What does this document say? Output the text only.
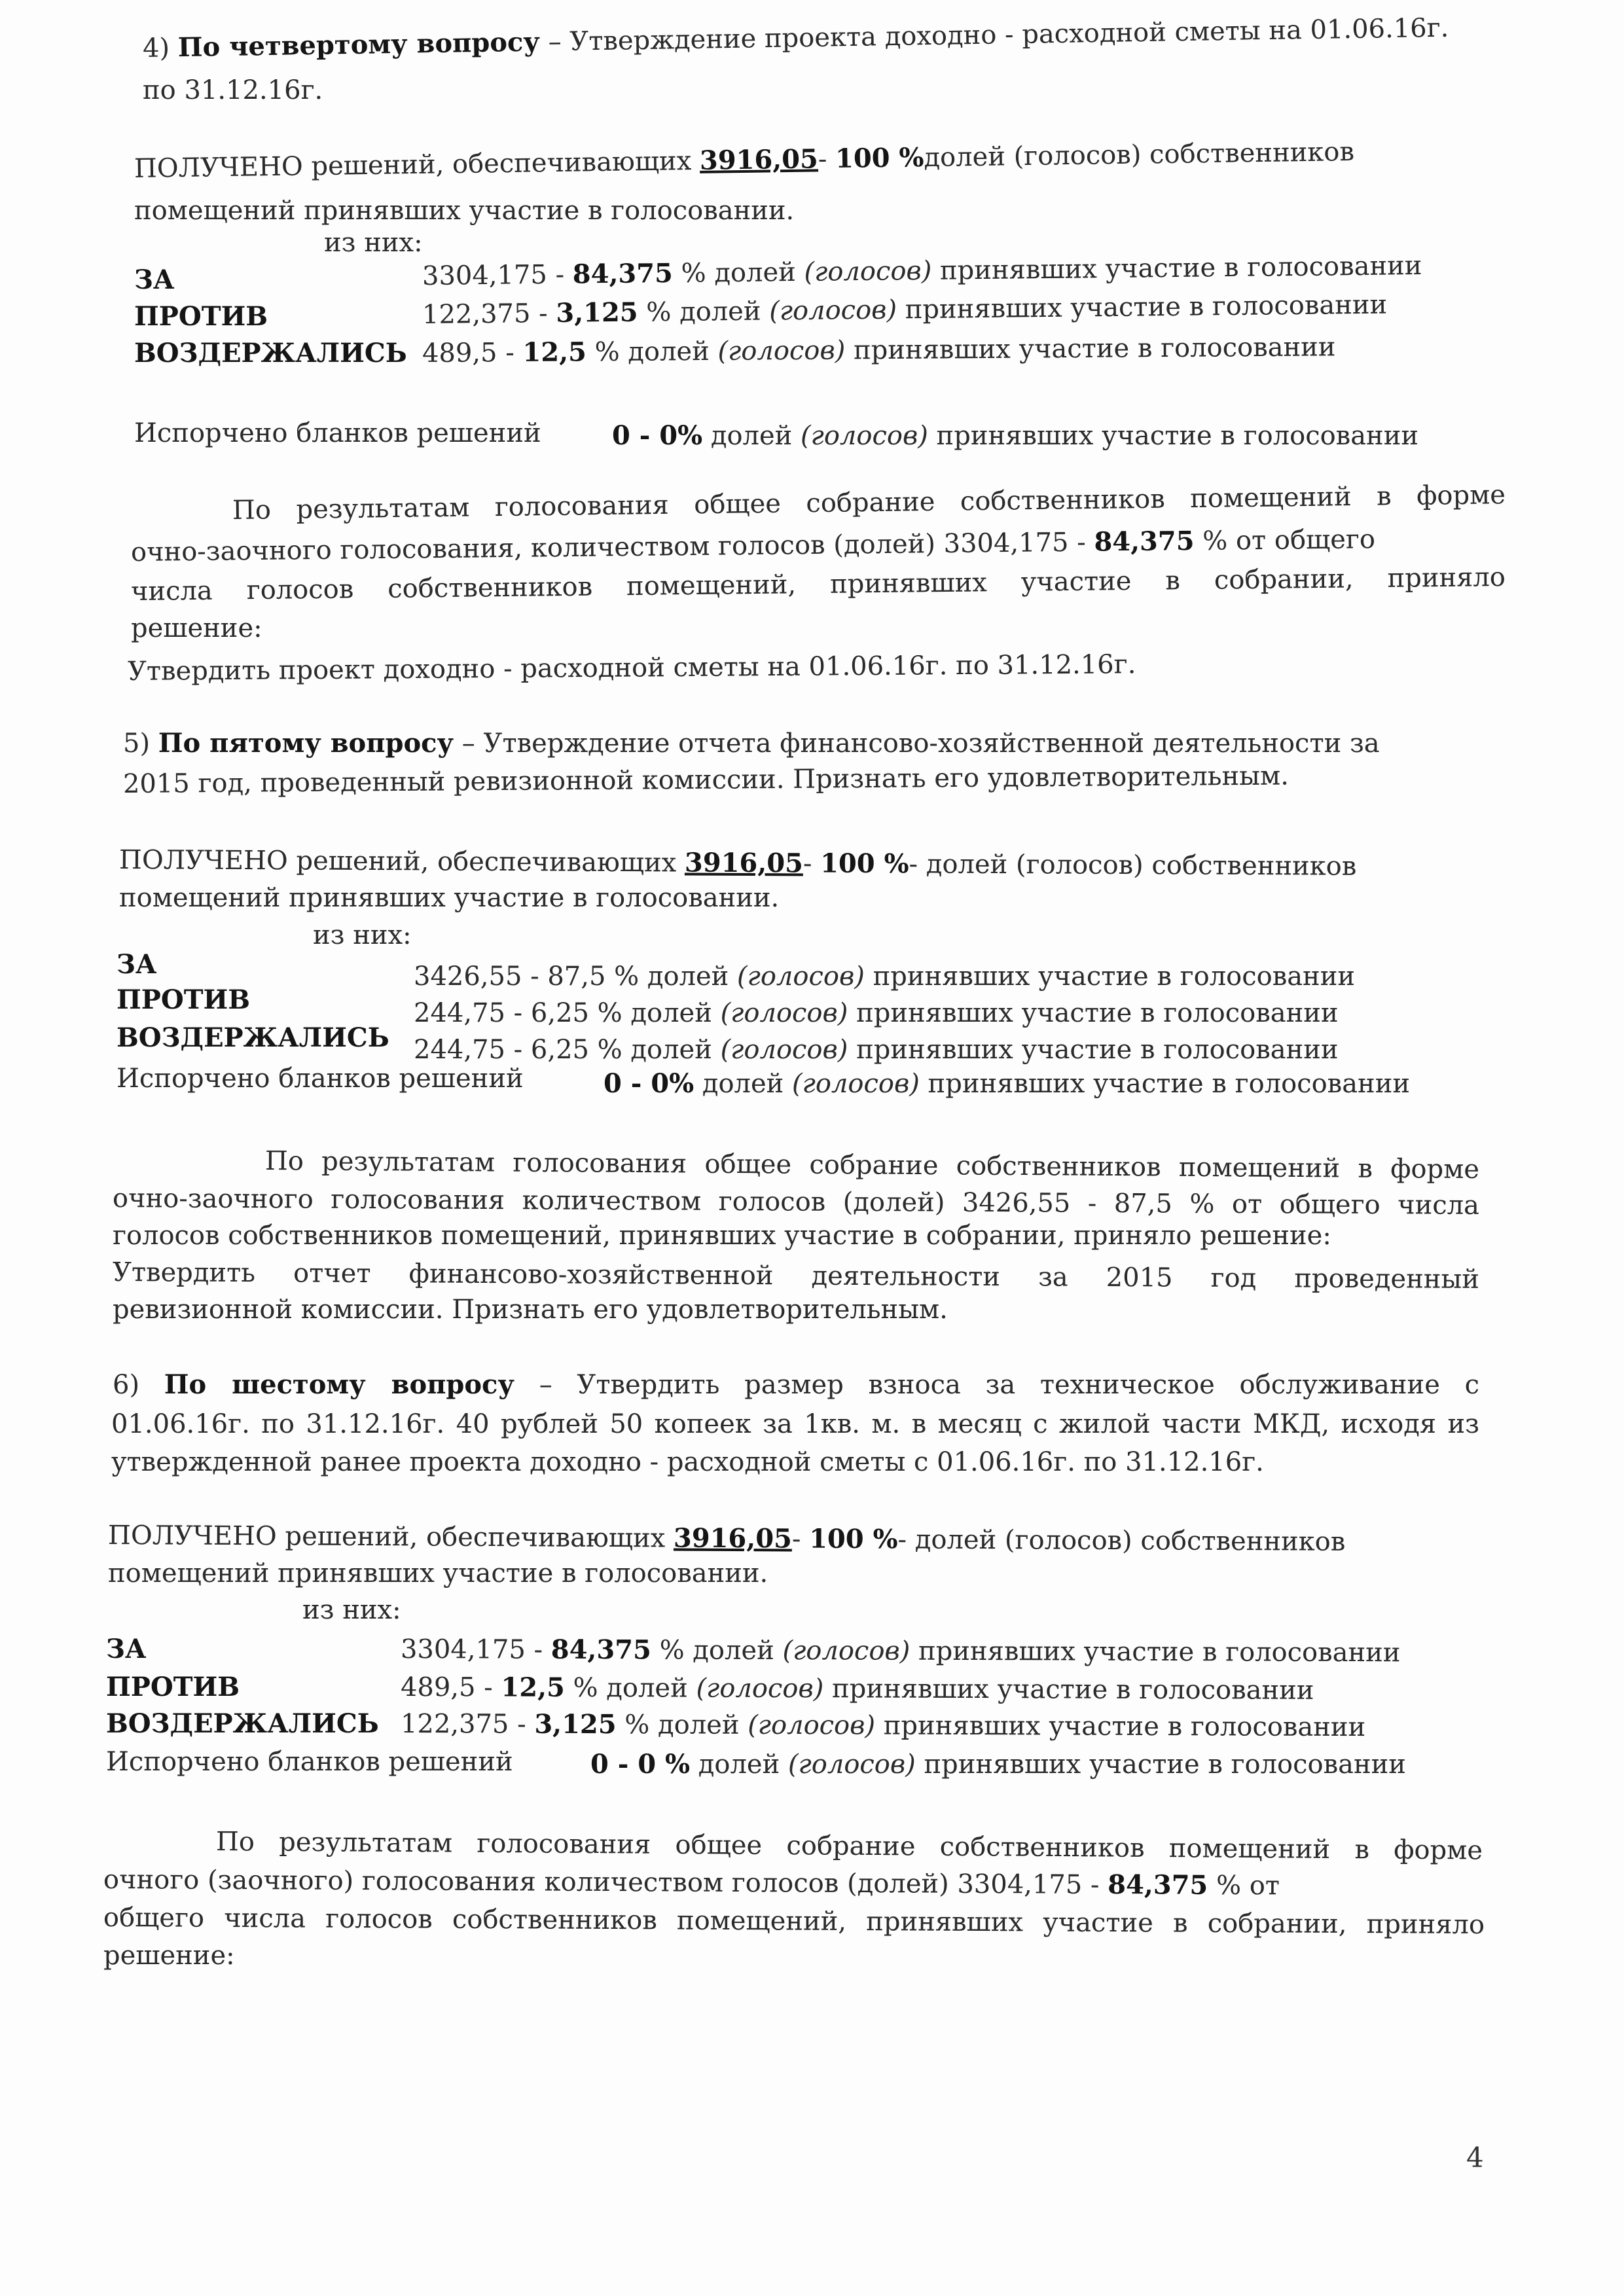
4) По четвертому вопросу – Утверждение проекта доходно - расходной сметы на 01.06.16г.
по 31.12.16г.
ПОЛУЧЕНО решений, обеспечивающих 3916,05- 100 %долей (голосов) собственников
помещений принявших участие в голосовании.
из них:
ЗА	3304,175 - 84,375 % долей (голосов) принявших участие в голосовании
ПРОТИВ	122,375 - 3,125 % долей (голосов) принявших участие в голосовании
ВОЗДЕРЖАЛИСЬ 489,5 - 12,5 % долей (голосов) принявших участие в голосовании
Испорчено бланков решений	0 - 0% долей (голосов) принявших участие в голосовании
По результатам голосования общее собрание собственников помещений в форме
очно-заочного голосования, количеством голосов (долей) 3304,175 - 84,375 % от общего
числа голосов собственников помещений, принявших участие в собрании, приняло
решение:
Утвердить проект доходно - расходной сметы на 01.06.16г. по 31.12.16г.
5) По пятому вопросу – Утверждение отчета финансово-хозяйственной деятельности за
2015 год, проведенный ревизионной комиссии. Признать его удовлетворительным.
ПОЛУЧЕНО решений, обеспечивающих 3916,05- 100 %- долей (голосов) собственников
помещений принявших участие в голосовании.
из них:
ЗА	3426,55 - 87,5 % долей (голосов) принявших участие в голосовании
ПРОТИВ	244,75 - 6,25 % долей (голосов) принявших участие в голосовании
ВОЗДЕРЖАЛИСЬ 244,75 - 6,25 % долей (голосов) принявших участие в голосовании
Испорчено бланков решений	0 - 0% долей (голосов) принявших участие в голосовании
По результатам голосования общее собрание собственников помещений в форме
очно-заочного голосования количеством голосов (долей) 3426,55 - 87,5 % от общего числа
голосов собственников помещений, принявших участие в собрании, приняло решение:
Утвердить отчет финансово-хозяйственной деятельности за 2015 год проведенный
ревизионной комиссии. Признать его удовлетворительным.
6) По шестому вопросу – Утвердить размер взноса за техническое обслуживание с
01.06.16г. по 31.12.16г. 40 рублей 50 копеек за 1кв. м. в месяц с жилой части МКД, исходя из
утвержденной ранее проекта доходно - расходной сметы с 01.06.16г. по 31.12.16г.
ПОЛУЧЕНО решений, обеспечивающих 3916,05- 100 %- долей (голосов) собственников
помещений принявших участие в голосовании.
из них:
ЗА	3304,175 - 84,375 % долей (голосов) принявших участие в голосовании
ПРОТИВ	489,5 - 12,5 % долей (голосов) принявших участие в голосовании
ВОЗДЕРЖАЛИСЬ 122,375 - 3,125 % долей (голосов) принявших участие в голосовании
Испорчено бланков решений	0 - 0 % долей (голосов) принявших участие в голосовании
По результатам голосования общее собрание собственников помещений в форме
очного (заочного) голосования количеством голосов (долей) 3304,175 - 84,375 % от
общего числа голосов собственников помещений, принявших участие в собрании, приняло
решение:
4
